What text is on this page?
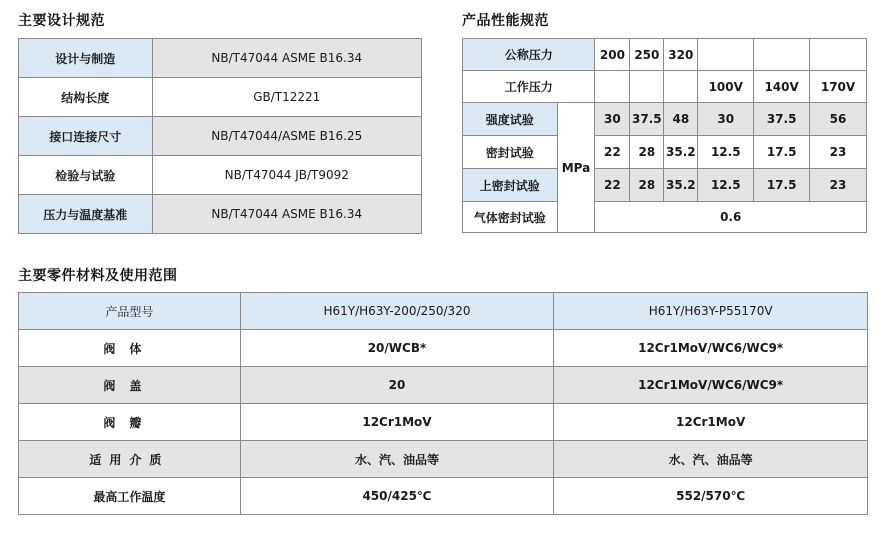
主要设计规范
设计与制造	NB/T47044 ASME B16.34
结构长度	GB/T12221
接口连接尺寸	NB/T47044/ASME B16.25
检验与试验	NB/T47044 JB/T9092
压力与温度基准	NB/T47044 ASME B16.34
产品性能规范
公称压力		200	250	320			
工作压力					100V	140V	170V
强度试验	MPa	30	37.5	48	30	37.5	56
密封试验		22	28	35.2	12.5	17.5	23
上密封试验		22	28	35.2	12.5	17.5	23
气体密封试验		0.6					
主要零件材料及使用范围
产品型号	H61Y/H63Y-200/250/320	H61Y/H63Y-P55170V
阀体	20/WCB*	12Cr1MoV/WC6/WC9*
阀盖	20	12Cr1MoV/WC6/WC9*
阀瓣	12Cr1MoV	12Cr1MoV
适用介质	水、汽、油品等	水、汽、油品等
最高工作温度	450/425℃	552/570℃
